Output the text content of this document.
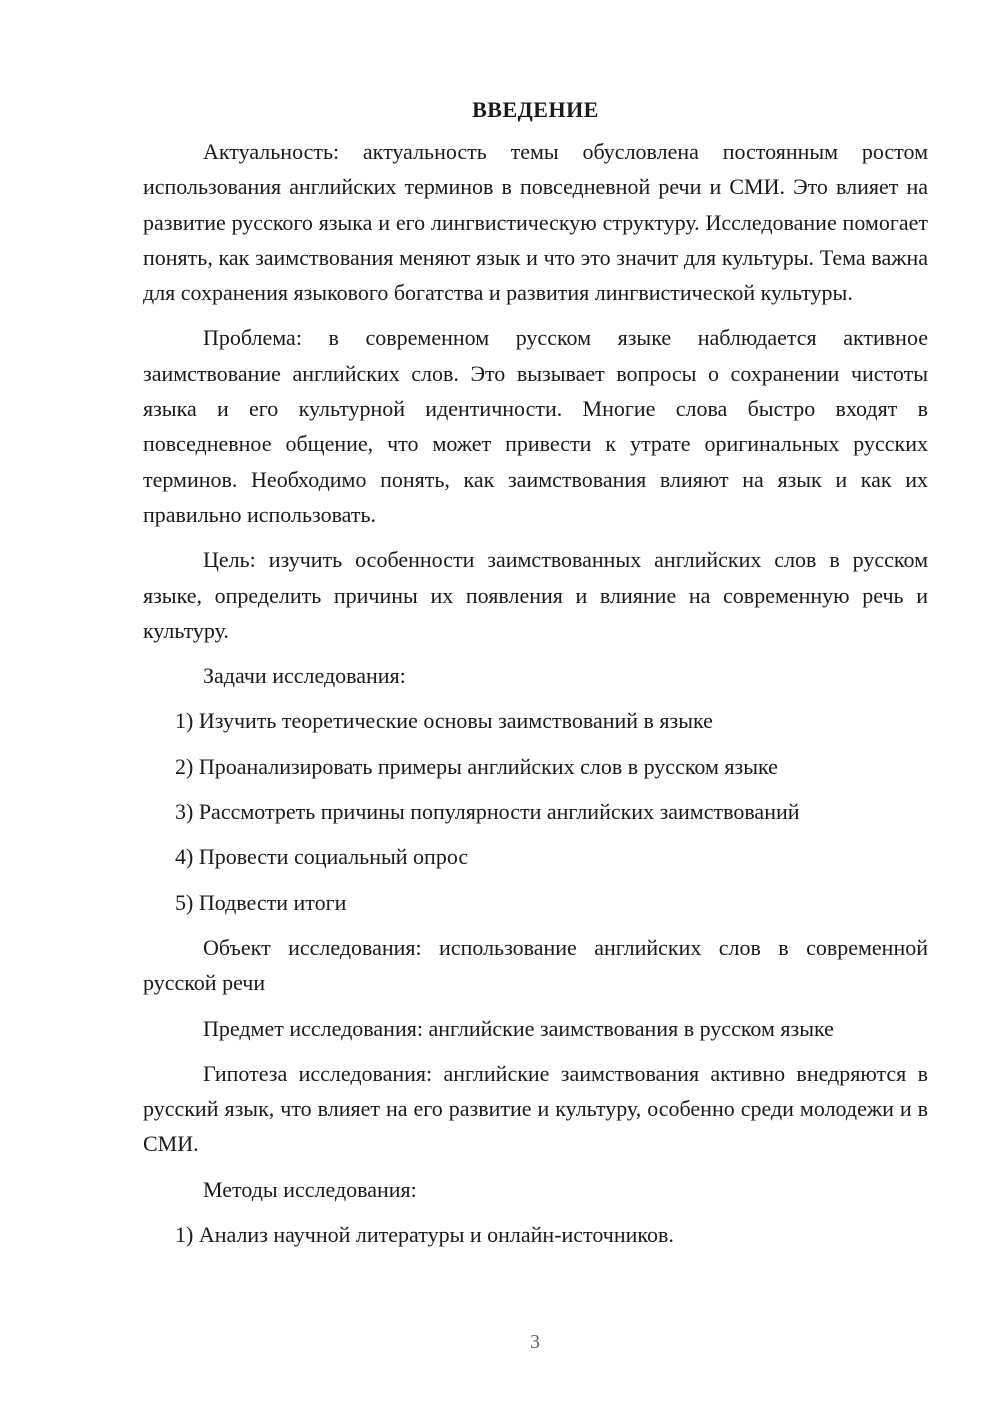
ВВЕДЕНИЕ

Актуальность: актуальность темы обусловлена постоянным ростом использования английских терминов в повседневной речи и СМИ. Это влияет на развитие русского языка и его лингвистическую структуру. Исследование помогает понять, как заимствования меняют язык и что это значит для культуры. Тема важна для сохранения языкового богатства и развития лингвистической культуры.

Проблема: в современном русском языке наблюдается активное заимствование английских слов. Это вызывает вопросы о сохранении чистоты языка и его культурной идентичности. Многие слова быстро входят в повседневное общение, что может привести к утрате оригинальных русских терминов. Необходимо понять, как заимствования влияют на язык и как их правильно использовать.

Цель: изучить особенности заимствованных английских слов в русском языке, определить причины их появления и влияние на современную речь и культуру.

Задачи исследования:

1) Изучить теоретические основы заимствований в языке

2) Проанализировать примеры английских слов в русском языке

3) Рассмотреть причины популярности английских заимствований

4) Провести социальный опрос

5) Подвести итоги

Объект исследования: использование английских слов в современной русской речи

Предмет исследования: английские заимствования в русском языке

Гипотеза исследования: английские заимствования активно внедряются в русский язык, что влияет на его развитие и культуру, особенно среди молодежи и в СМИ.

Методы исследования:

1) Анализ научной литературы и онлайн-источников.

3
